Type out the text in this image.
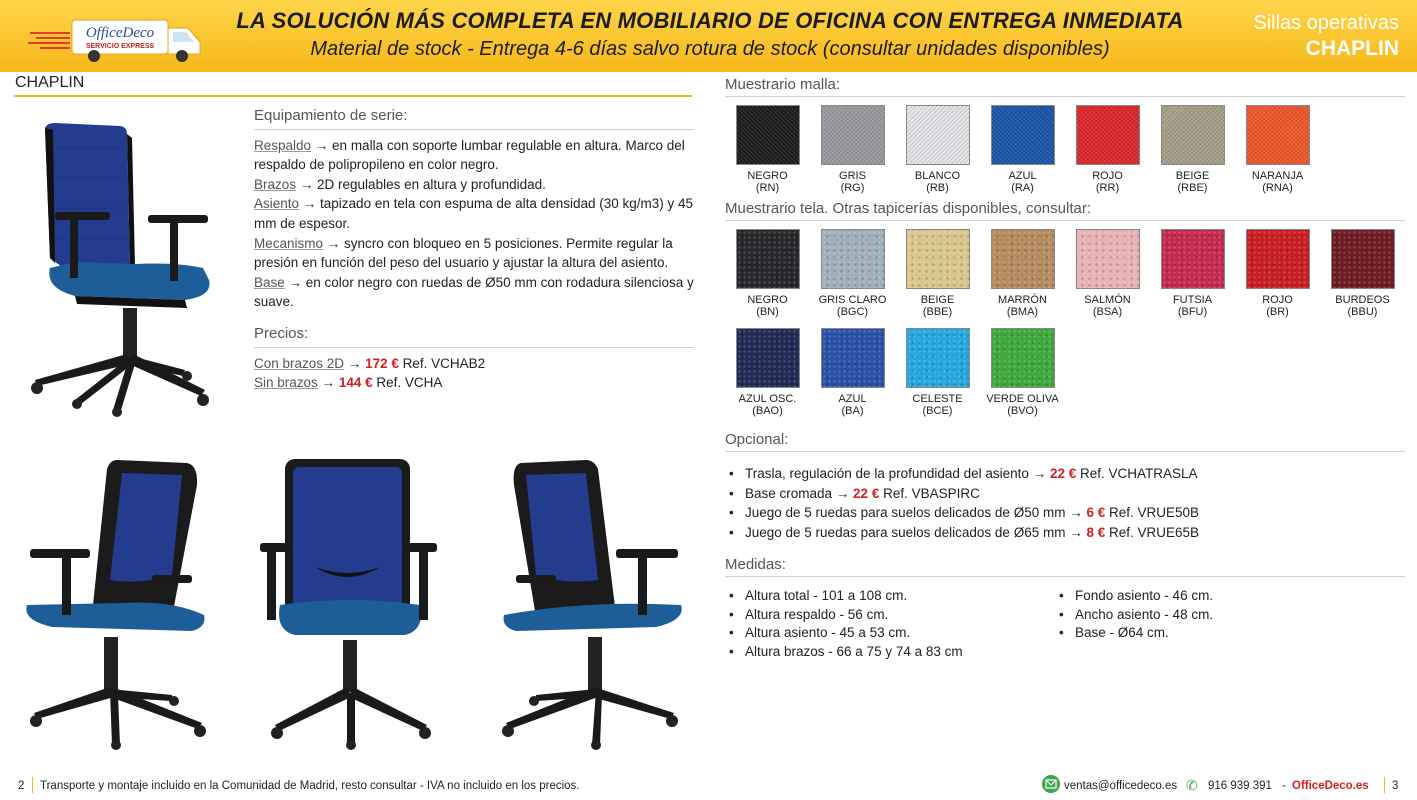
OfficeDeco
SERVICIO EXPRESS
LA SOLUCIÓN MÁS COMPLETA EN MOBILIARIO DE OFICINA CON ENTREGA INMEDIATA
Material de stock - Entrega 4-6 días salvo rotura de stock (consultar unidades disponibles)
Sillas operativas
CHAPLIN
CHAPLIN
Equipamiento de serie:

Respaldo → en malla con soporte lumbar regulable en altura. Marco del respaldo de polipropileno en color negro.

Brazos → 2D regulables en altura y profundidad.

Asiento → tapizado en tela con espuma de alta densidad (30 kg/m3) y 45 mm de espesor.

Mecanismo → syncro con bloqueo en 5 posiciones. Permite regular la presión en función del peso del usuario y ajustar la altura del asiento.

Base → en color negro con ruedas de Ø50 mm con rodadura silenciosa y suave.

Precios:

Con brazos 2D → 172 € Ref. VCHAB2

Sin brazos → 144 € Ref. VCHA

Muestrario malla:
NEGRO
(RN)
GRIS
(RG)
BLANCO
(RB)
AZUL
(RA)
ROJO
(RR)
BEIGE
(RBE)
NARANJA
(RNA)
Muestrario tela. Otras tapicerías disponibles, consultar:
NEGRO
(BN)
GRIS CLARO
(BGC)
BEIGE
(BBE)
MARRÓN
(BMA)
SALMÓN
(BSA)
FUTSIA
(BFU)
ROJO
(BR)
BURDEOS
(BBU)
AZUL OSC.
(BAO)
AZUL
(BA)
CELESTE
(BCE)
VERDE OLIVA
(BVO)
Opcional:
• Trasla, regulación de la profundidad del asiento → 22 € Ref. VCHATRASLA
• Base cromada → 22 € Ref. VBASPIRC
• Juego de 5 ruedas para suelos delicados de Ø50 mm → 6 € Ref. VRUE50B
• Juego de 5 ruedas para suelos delicados de Ø65 mm → 8 € Ref. VRUE65B
Medidas:
• Altura total - 101 a 108 cm.
• Altura respaldo - 56 cm.
• Altura asiento - 45 a 53 cm.
• Altura brazos - 66 a 75 y 74 a 83 cm
• Fondo asiento - 46 cm.
• Ancho asiento - 48 cm.
• Base - Ø64 cm.
2 Transporte y montaje incluido en la Comunidad de Madrid, resto consultar - IVA no incluido en los precios.	ventas@officedeco.es ✆ 916 939 391 - OfficeDeco.es 3
